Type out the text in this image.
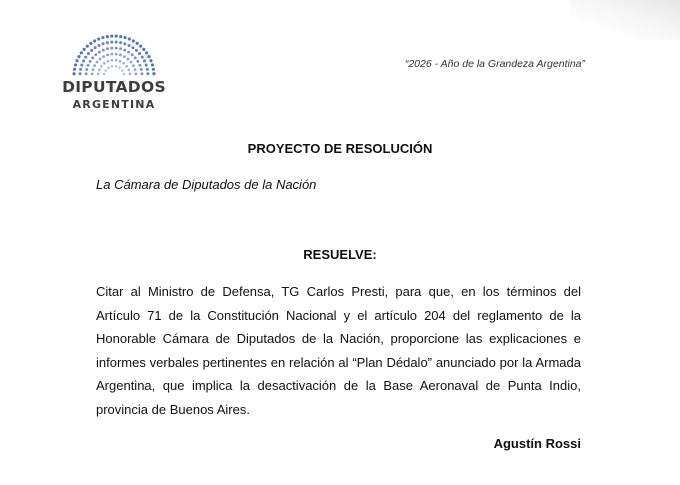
DIPUTADOS
ARGENTINA
“2026 - Año de la Grandeza Argentina”
PROYECTO DE RESOLUCIÓN
La Cámara de Diputados de la Nación
RESUELVE:
Citar al Ministro de Defensa, TG Carlos Presti, para que, en los términos del Artículo 71 de la Constitución Nacional y el artículo 204 del reglamento de la Honorable Cámara de Diputados de la Nación, proporcione las explicaciones e informes verbales pertinentes en relación al “Plan Dédalo” anunciado por la Armada Argentina, que implica la desactivación de la Base Aeronaval de Punta Indio, provincia de Buenos Aires.
Agustín Rossi
